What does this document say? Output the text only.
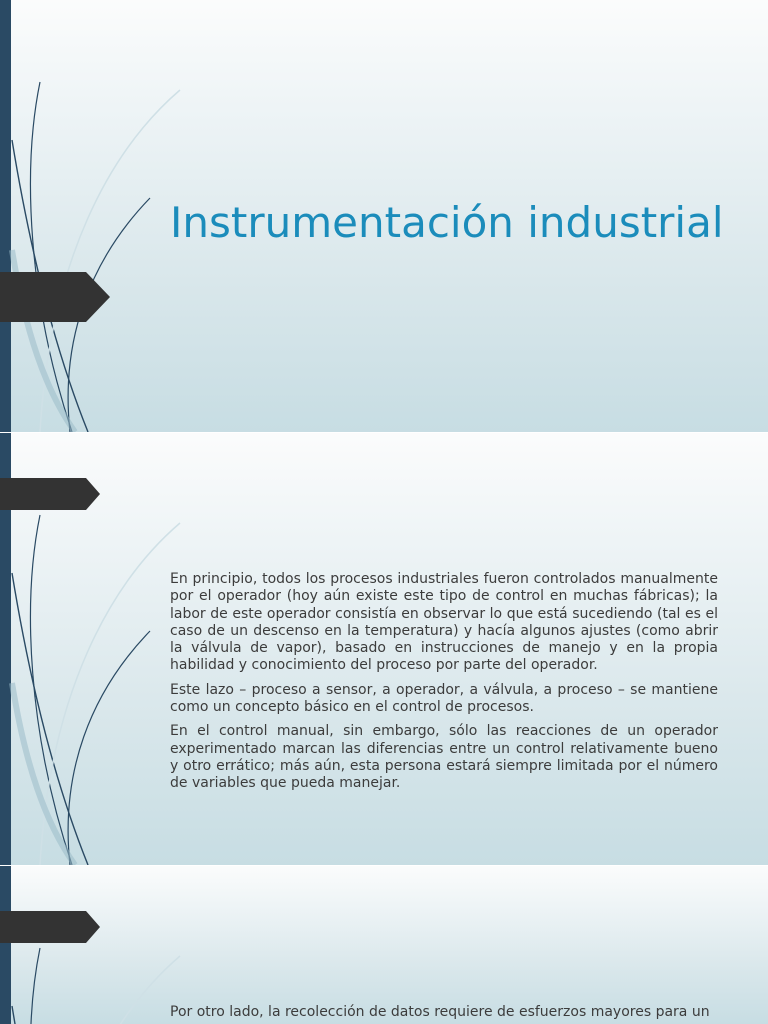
Instrumentación industrial

En principio, todos los procesos industriales fueron controlados manualmente por el operador (hoy aún existe este tipo de control en muchas fábricas); la labor de este operador consistía en observar lo que está sucediendo (tal es el caso de un descenso en la temperatura) y hacía algunos ajustes (como abrir la válvula de vapor), basado en instrucciones de manejo y en la propia habilidad y conocimiento del proceso por parte del operador.

Este lazo – proceso a sensor, a operador, a válvula, a proceso – se mantiene como un concepto básico en el control de procesos.

En el control manual, sin embargo, sólo las reacciones de un operador experimentado marcan las diferencias entre un control relativamente bueno y otro errático; más aún, esta persona estará siempre limitada por el número de variables que pueda manejar.

Por otro lado, la recolección de datos requiere de esfuerzos mayores para un
